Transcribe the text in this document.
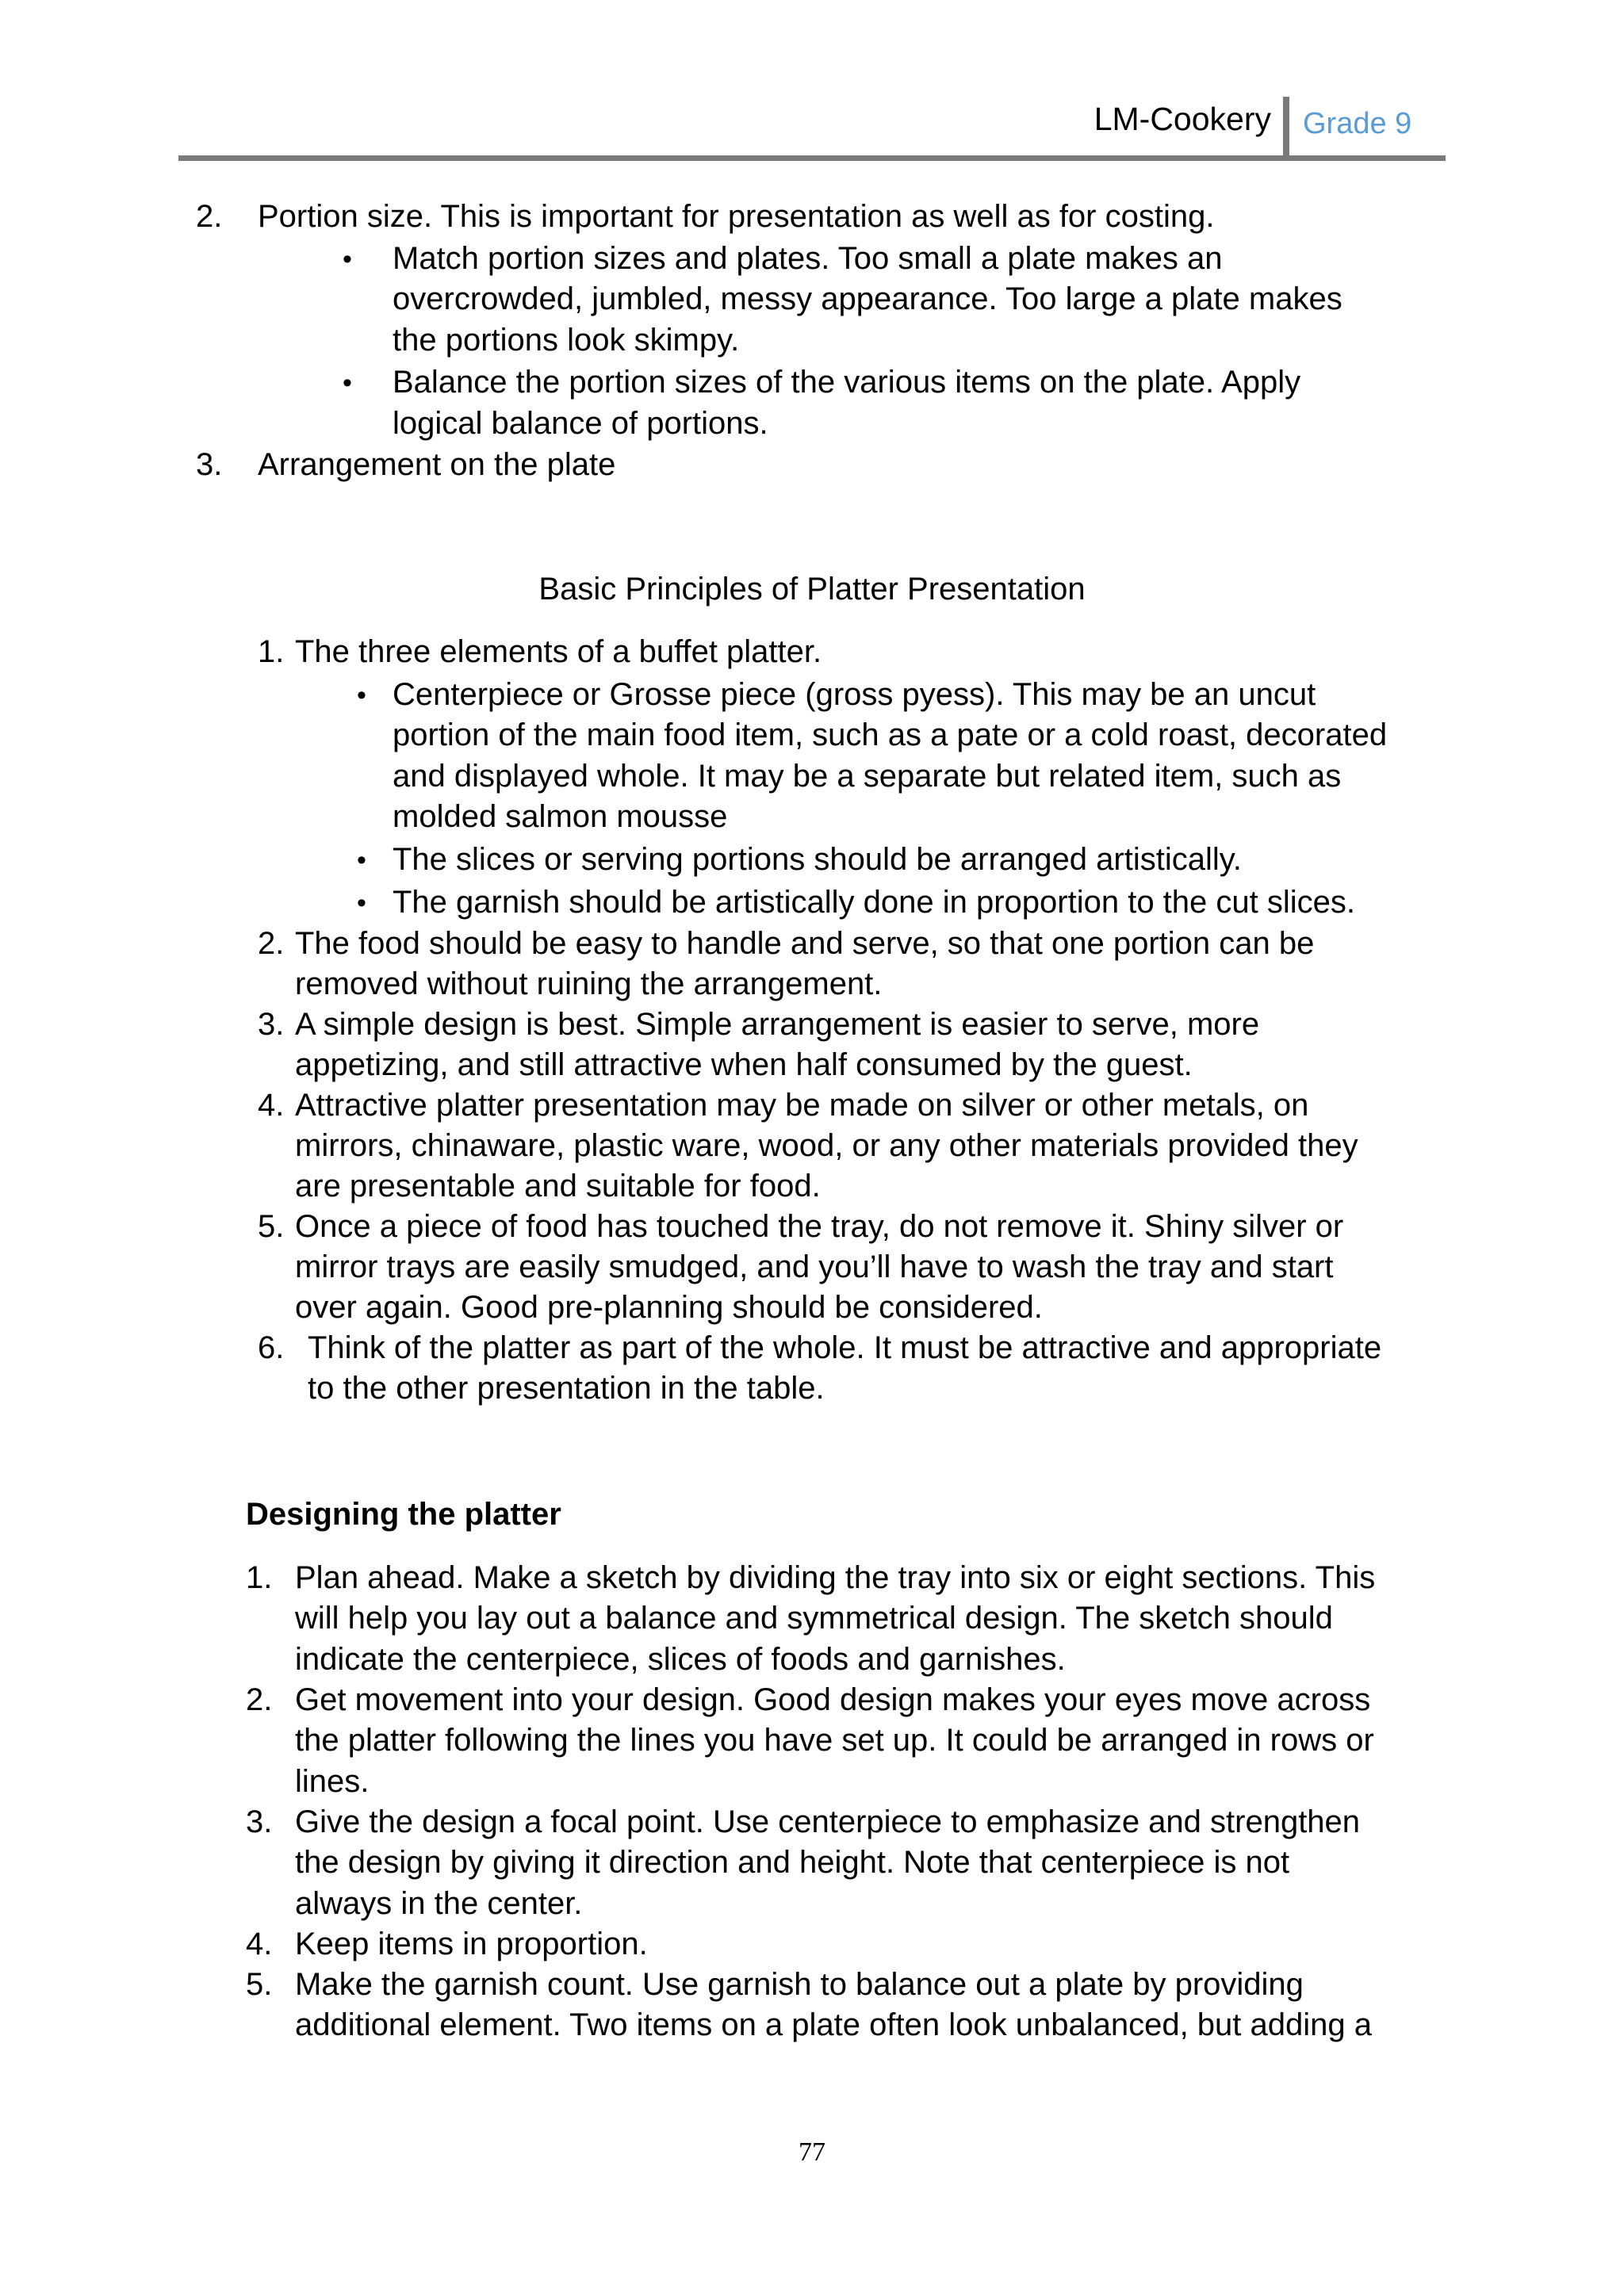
LM-Cookery Grade 9
2. Portion size. This is important for presentation as well as for costing.
• Match portion sizes and plates. Too small a plate makes an
overcrowded, jumbled, messy appearance. Too large a plate makes
the portions look skimpy.
• Balance the portion sizes of the various items on the plate. Apply
logical balance of portions.
3. Arrangement on the plate
Basic Principles of Platter Presentation
1. The three elements of a buffet platter.
• Centerpiece or Grosse piece (gross pyess). This may be an uncut
portion of the main food item, such as a pate or a cold roast, decorated
and displayed whole. It may be a separate but related item, such as
molded salmon mousse
• The slices or serving portions should be arranged artistically.
• The garnish should be artistically done in proportion to the cut slices.
2. The food should be easy to handle and serve, so that one portion can be
removed without ruining the arrangement.
3. A simple design is best. Simple arrangement is easier to serve, more
appetizing, and still attractive when half consumed by the guest.
4. Attractive platter presentation may be made on silver or other metals, on
mirrors, chinaware, plastic ware, wood, or any other materials provided they
are presentable and suitable for food.
5. Once a piece of food has touched the tray, do not remove it. Shiny silver or
mirror trays are easily smudged, and you’ll have to wash the tray and start
over again. Good pre-planning should be considered.
6. Think of the platter as part of the whole. It must be attractive and appropriate
to the other presentation in the table.
Designing the platter
1. Plan ahead. Make a sketch by dividing the tray into six or eight sections. This
will help you lay out a balance and symmetrical design. The sketch should
indicate the centerpiece, slices of foods and garnishes.
2. Get movement into your design. Good design makes your eyes move across
the platter following the lines you have set up. It could be arranged in rows or
lines.
3. Give the design a focal point. Use centerpiece to emphasize and strengthen
the design by giving it direction and height. Note that centerpiece is not
always in the center.
4. Keep items in proportion.
5. Make the garnish count. Use garnish to balance out a plate by providing
additional element. Two items on a plate often look unbalanced, but adding a
77
